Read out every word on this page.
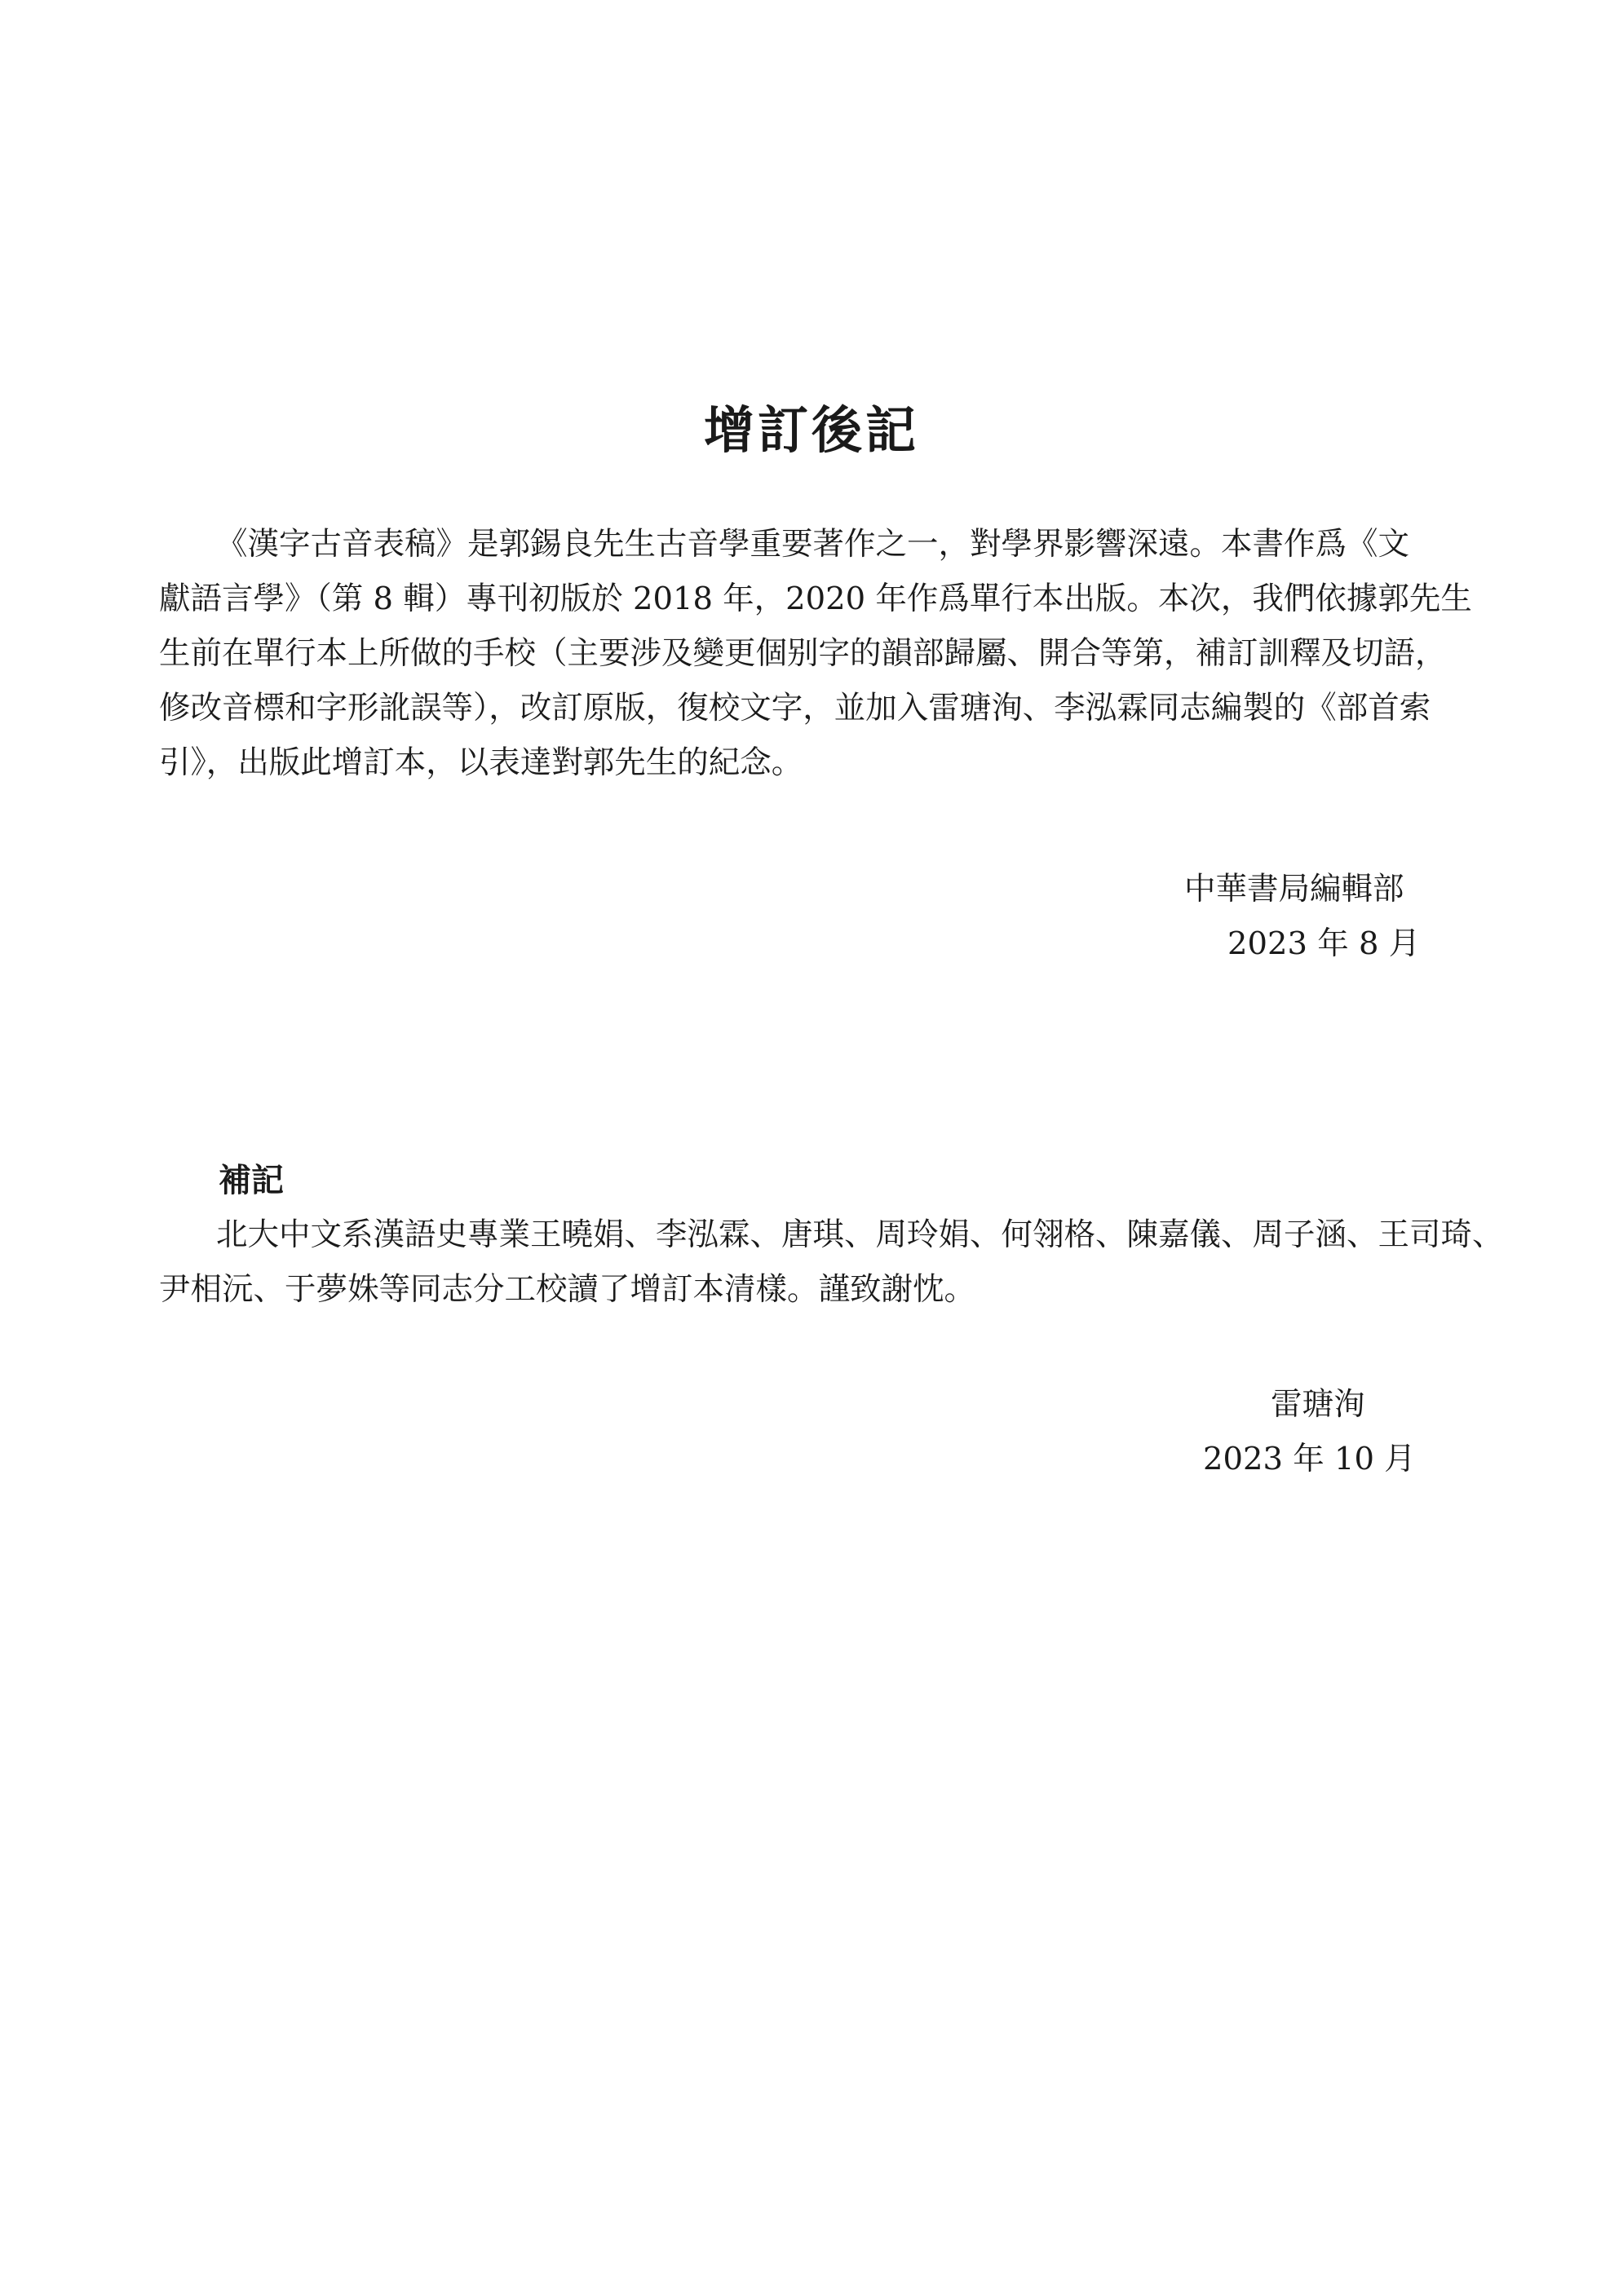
增訂後記
《漢字古音表稿》是郭錫良先生古音學重要著作之一，對學界影響深遠。本書作爲《文
獻語言學》（第 8 輯）專刊初版於 2018 年，2020 年作爲單行本出版。本次，我們依據郭先生
生前在單行本上所做的手校（主要涉及變更個别字的韻部歸屬、開合等第，補訂訓釋及切語，
修改音標和字形訛誤等），改訂原版，復校文字，並加入雷瑭洵、李泓霖同志編製的《部首索
引》，出版此增訂本，以表達對郭先生的紀念。
中華書局編輯部
2023 年 8 月
補記
北大中文系漢語史專業王曉娟、李泓霖、唐琪、周玲娟、何翎格、陳嘉儀、周子涵、王司琦、
尹相沅、于夢姝等同志分工校讀了增訂本清樣。謹致謝忱。
雷瑭洵
2023 年 10 月
